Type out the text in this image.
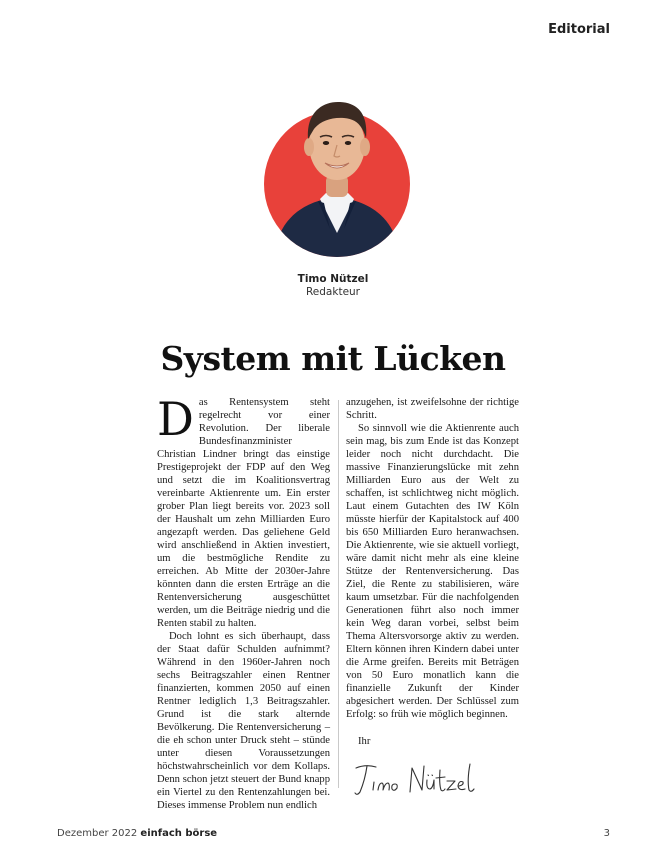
Editorial
Timo Nützel
Redakteur
System mit Lücken

Das Rentensystem steht regelrecht vor einer Revolution. Der liberale Bundesfinanzminister Christian Lindner bringt das einstige Prestigeprojekt der FDP auf den Weg und setzt die im Koalitionsvertrag vereinbarte Aktienrente um. Ein erster grober Plan liegt bereits vor. 2023 soll der Haushalt um zehn Milliarden Euro angezapft werden. Das geliehene Geld wird anschließend in Aktien investiert, um die bestmögliche Rendite zu erreichen. Ab Mitte der 2030er-Jahre könnten dann die ersten Erträge an die Rentenversicherung ausgeschüttet werden, um die Beiträge niedrig und die Renten stabil zu halten.

Doch lohnt es sich überhaupt, dass der Staat dafür Schulden aufnimmt? Während in den 1960er-Jahren noch sechs Beitragszahler einen Rentner finanzierten, kommen 2050 auf einen Rentner lediglich 1,3 Beitragszahler. Grund ist die stark alternde Bevölkerung. Die Rentenversicherung – die eh schon unter Druck steht – stünde unter diesen Voraussetzungen höchstwahrscheinlich vor dem Kollaps. Denn schon jetzt steuert der Bund knapp ein Viertel zu den Rentenzahlungen bei. Dieses immense Problem nun endlich

anzugehen, ist zweifelsohne der richtige Schritt.

So sinnvoll wie die Aktienrente auch sein mag, bis zum Ende ist das Konzept leider noch nicht durchdacht. Die massive Finanzierungslücke mit zehn Milliarden Euro aus der Welt zu schaffen, ist schlichtweg nicht möglich. Laut einem Gutachten des IW Köln müsste hierfür der Kapitalstock auf 400 bis 650 Milliarden Euro heranwachsen. Die Aktienrente, wie sie aktuell vorliegt, wäre damit nicht mehr als eine kleine Stütze der Rentenversicherung. Das Ziel, die Rente zu stabilisieren, wäre kaum umsetzbar. Für die nachfolgenden Generationen führt also noch immer kein Weg daran vorbei, selbst beim Thema Altersvorsorge aktiv zu werden. Eltern können ihren Kindern dabei unter die Arme greifen. Bereits mit Beträgen von 50 Euro monatlich kann die finanzielle Zukunft der Kinder abgesichert werden. Der Schlüssel zum Erfolg: so früh wie möglich beginnen.

Ihr

Dezember 2022 einfach börse	3
